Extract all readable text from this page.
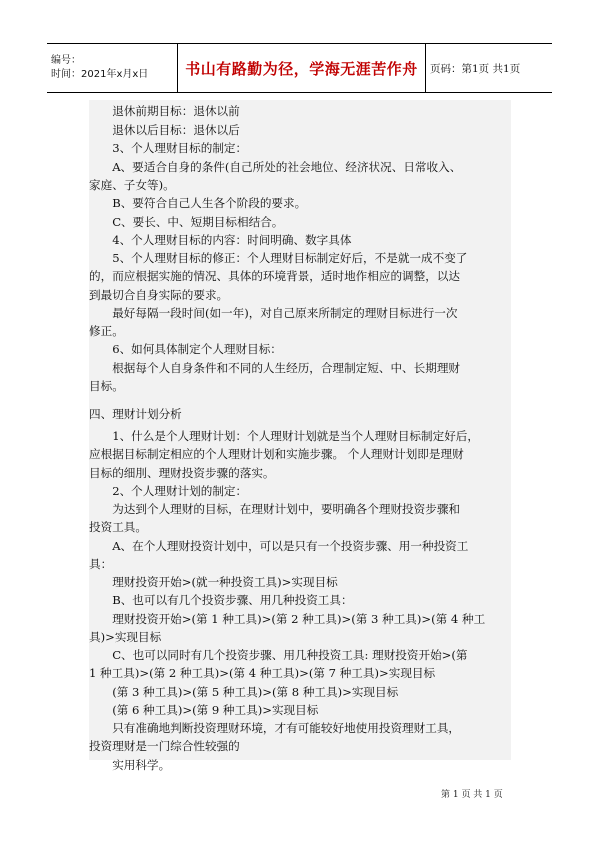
编号：
时间：2021年x月x日	书山有路勤为径，学海无涯苦作舟	页码：第1页 共1页
　　退休前期目标：退休以前
　　退休以后目标：退休以后
　　3、个人理财目标的制定：
　　A、要适合自身的条件(自己所处的社会地位、经济状况、日常收入、
家庭、子女等)。
　　B、要符合自己人生各个阶段的要求。
　　C、要长、中、短期目标相结合。
　　4、个人理财目标的内容：时间明确、数字具体
　　5、个人理财目标的修正：个人理财目标制定好后，不是就一成不变了
的，而应根据实施的情况、具体的环境背景，适时地作相应的调整，以达
到最切合自身实际的要求。
　　最好每隔一段时间(如一年)，对自己原来所制定的理财目标进行一次
修正。
　　6、如何具体制定个人理财目标：
　　根据每个人自身条件和不同的人生经历，合理制定短、中、长期理财
目标。
四、理财计划分析
　　1、什么是个人理财计划：个人理财计划就是当个人理财目标制定好后，
应根据目标制定相应的个人理财计划和实施步骤。 个人理财计划即是理财
目标的细刖、理财投资步骤的落实。
　　2、个人理财计划的制定：
　　为达到个人理财的目标，在理财计划中，要明确各个理财投资步骤和
投资工具。
　　A、在个人理财投资计划中，可以是只有一个投资步骤、用一种投资工
具：
　　理财投资开始>(就一种投资工具)>实现目标
　　B、也可以有几个投资步骤、用几种投资工具：
　　理财投资开始>(第 1 种工具)>(第 2 种工具)>(第 3 种工具)>(第 4 种工
具)>实现目标
　　C、也可以同时有几个投资步骤、用几种投资工具: 理财投资开始>(第
1 种工具)>(第 2 种工具)>(第 4 种工具)>(第 7 种工具)>实现目标
　　(第 3 种工具)>(第 5 种工具)>(第 8 种工具)>实现目标
　　(第 6 种工具)>(第 9 种工具)>实现目标
　　只有准确地判断投资理财环境，才有可能较好地使用投资理财工具，
投资理财是一门综合性较强的
　　实用科学。
第 1 页 共 1 页
